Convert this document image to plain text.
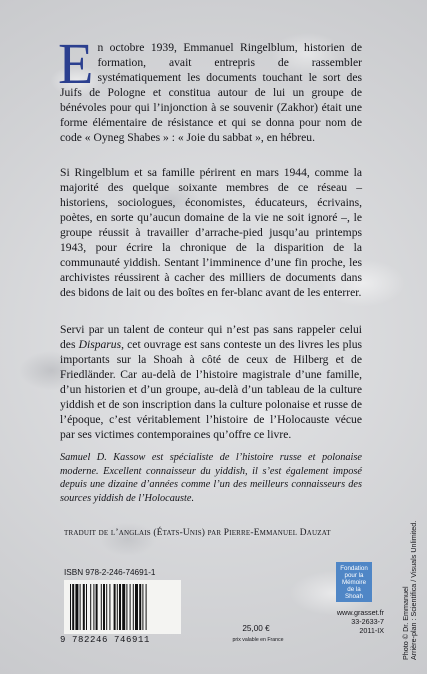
E n octobre 1939, Emmanuel Ringelblum, historien de formation, avait entrepris de rassembler systématiquement les documents touchant le sort des Juifs de Pologne et constitua autour de lui un groupe de bénévoles pour qui l’injonction à se souvenir (Zakhor) était une forme élémentaire de résistance et qui se donna pour nom de code « Oyneg Shabes » : « Joie du sabbat », en hébreu.

Si Ringelblum et sa famille périrent en mars 1944, comme la majorité des quelque soixante membres de ce réseau – historiens, sociologues, économistes, éducateurs, écrivains, poètes, en sorte qu’aucun domaine de la vie ne soit ignoré –, le groupe réussit à travailler d’arrache-pied jusqu’au printemps 1943, pour écrire la chronique de la disparition de la communauté yiddish. Sentant l’imminence d’une fin proche, les archivistes réussirent à cacher des milliers de documents dans des bidons de lait ou des boîtes en fer-blanc avant de les enterrer.

Servi par un talent de conteur qui n’est pas sans rappeler celui des Disparus, cet ouvrage est sans conteste un des livres les plus importants sur la Shoah à côté de ceux de Hilberg et de Friedländer. Car au-delà de l’histoire magistrale d’une famille, d’un historien et d’un groupe, au-delà d’un tableau de la culture yiddish et de son inscription dans la culture polonaise et russe de l’époque, c’est véritablement l’histoire de l’Holocauste vécue par ses victimes contemporaines qu’offre ce livre.

Samuel D. Kassow est spécialiste de l’histoire russe et polonaise moderne. Excellent connaisseur du yiddish, il s’est également imposé depuis une dizaine d’années comme l’un des meilleurs connaisseurs des sources yiddish de l’Holocauste.

traduit de l’anglais (États-Unis) par Pierre-Emmanuel Dauzat
ISBN 978-2-246-74691-1
9 782246 746911
25,00 €
prix valable en France
Fondation
pour la
Mémoire
de la
Shoah
www.grasset.fr
33-2633-7
2011-IX Photo © Dr. Emmanuel Arrière-plan : Scientifica / Visuals Unlimited.
